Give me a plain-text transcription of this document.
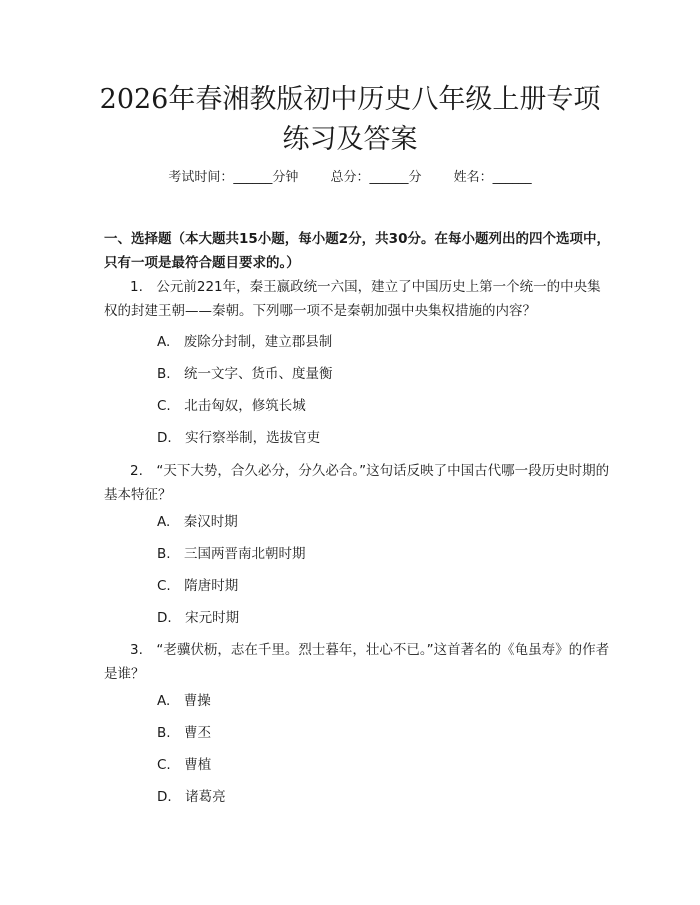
2026年春湘教版初中历史八年级上册专项练习及答案
考试时间：______分钟 总分：______分 姓名：______

一、选择题（本大题共15小题，每小题2分，共30分。在每小题列出的四个选项中，只有一项是最符合题目要求的。）

1.　公元前221年，秦王嬴政统一六国，建立了中国历史上第一个统一的中央集权的封建王朝——秦朝。下列哪一项不是秦朝加强中央集权措施的内容？

A.　废除分封制，建立郡县制
B.　统一文字、货币、度量衡
C.　北击匈奴，修筑长城
D.　实行察举制，选拔官吏

2.　“天下大势，合久必分，分久必合。”这句话反映了中国古代哪一段历史时期的基本特征？

A.　秦汉时期
B.　三国两晋南北朝时期
C.　隋唐时期
D.　宋元时期

3.　“老骥伏枥，志在千里。烈士暮年，壮心不已。”这首著名的《龟虽寿》的作者是谁？

A.　曹操
B.　曹丕
C.　曹植
D.　诸葛亮
